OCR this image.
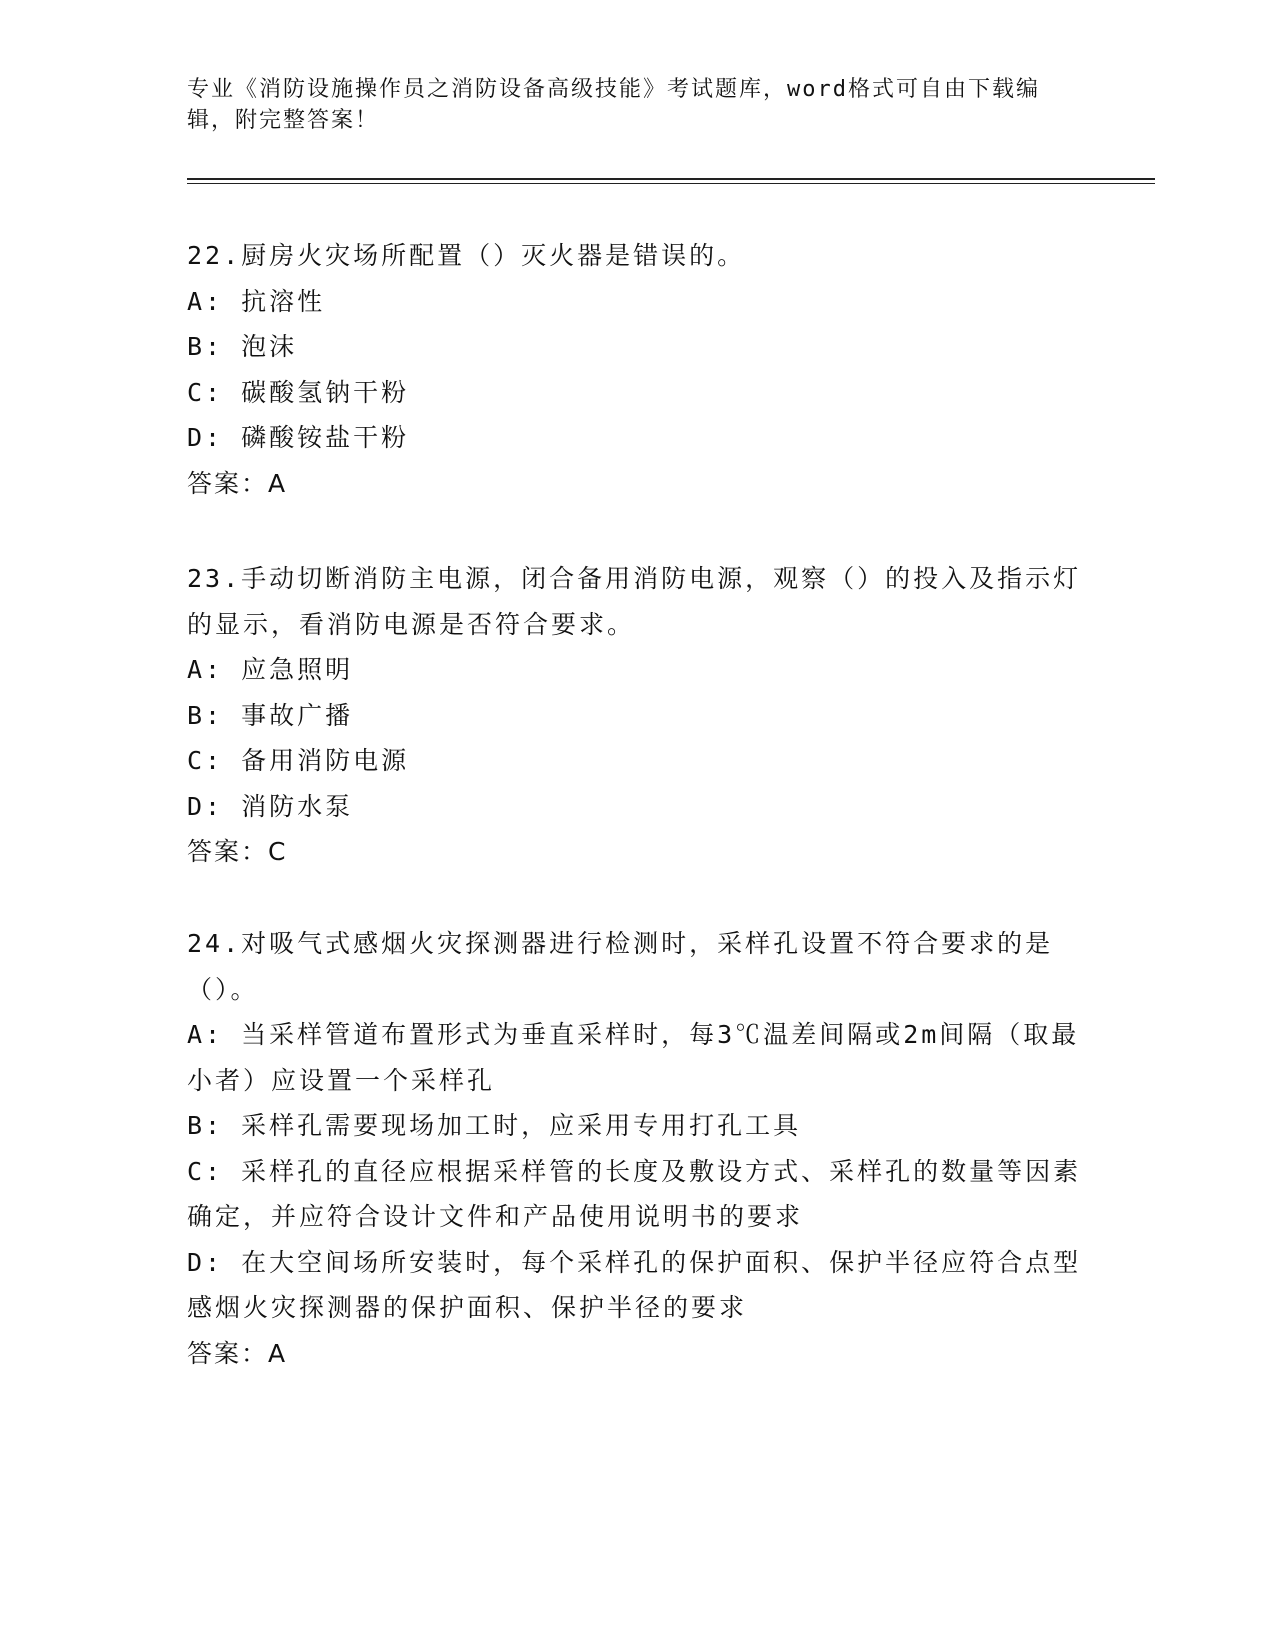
专业《消防设施操作员之消防设备高级技能》考试题库，word格式可自由下载编辑，附完整答案！
22.厨房火灾场所配置（）灭火器是错误的。
A: 抗溶性
B: 泡沫
C: 碳酸氢钠干粉
D: 磷酸铵盐干粉
答案：A
23.手动切断消防主电源，闭合备用消防电源，观察（）的投入及指示灯的显示，看消防电源是否符合要求。
A: 应急照明
B: 事故广播
C: 备用消防电源
D: 消防水泵
答案：C
24.对吸气式感烟火灾探测器进行检测时，采样孔设置不符合要求的是（）。
A: 当采样管道布置形式为垂直采样时，每3℃温差间隔或2m间隔（取最小者）应设置一个采样孔
B: 采样孔需要现场加工时，应采用专用打孔工具
C: 采样孔的直径应根据采样管的长度及敷设方式、采样孔的数量等因素确定，并应符合设计文件和产品使用说明书的要求
D: 在大空间场所安装时，每个采样孔的保护面积、保护半径应符合点型感烟火灾探测器的保护面积、保护半径的要求
答案：A
